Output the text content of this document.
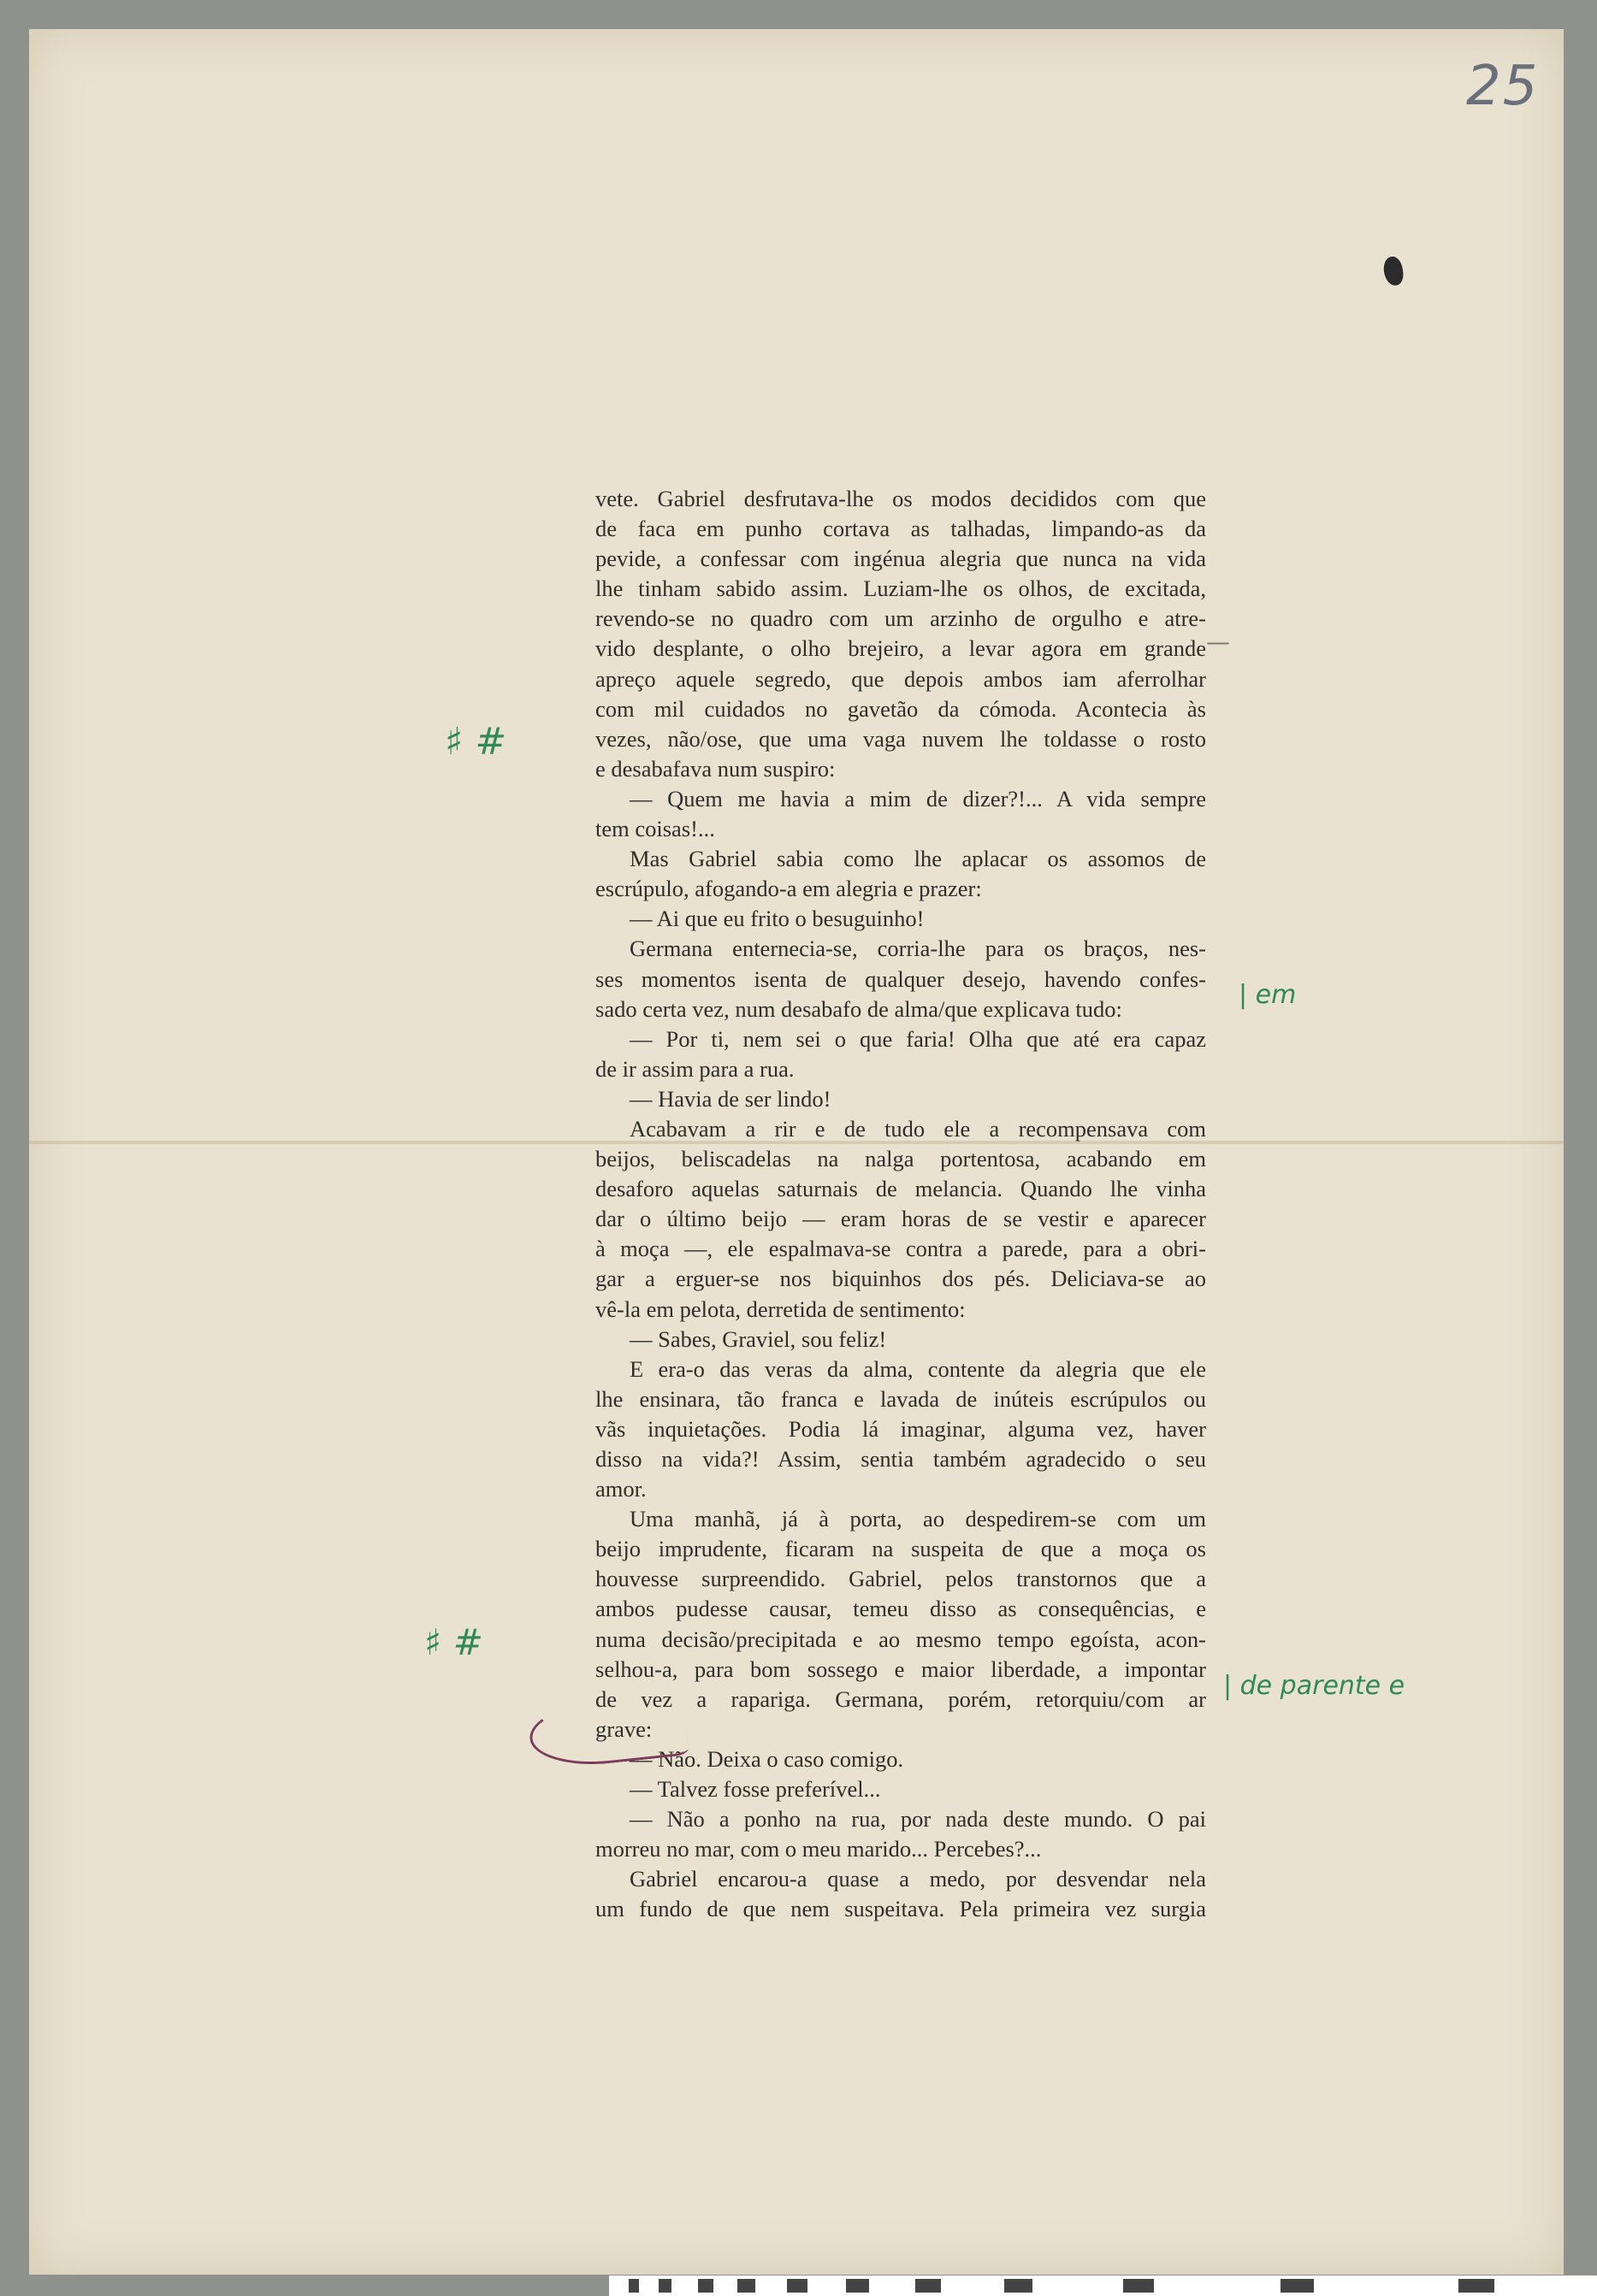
25
vete. Gabriel desfrutava-lhe os modos decididos com que
de faca em punho cortava as talhadas, limpando-as da
pevide, a confessar com ingénua alegria que nunca na vida
lhe tinham sabido assim. Luziam-lhe os olhos, de excitada,
revendo-se no quadro com um arzinho de orgulho e atre-
vido desplante, o olho brejeiro, a levar agora em grande
apreço aquele segredo, que depois ambos iam aferrolhar
com mil cuidados no gavetão da cómoda. Acontecia às
vezes, não/ose, que uma vaga nuvem lhe toldasse o rosto
e desabafava num suspiro:
— Quem me havia a mim de dizer?!... A vida sempre
tem coisas!...
Mas Gabriel sabia como lhe aplacar os assomos de
escrúpulo, afogando-a em alegria e prazer:
— Ai que eu frito o besuguinho!
Germana enternecia-se, corria-lhe para os braços, nes-
ses momentos isenta de qualquer desejo, havendo confes-
sado certa vez, num desabafo de alma/que explicava tudo:
— Por ti, nem sei o que faria! Olha que até era capaz
de ir assim para a rua.
— Havia de ser lindo!
Acabavam a rir e de tudo ele a recompensava com
beijos, beliscadelas na nalga portentosa, acabando em
desaforo aquelas saturnais de melancia. Quando lhe vinha
dar o último beijo — eram horas de se vestir e aparecer
à moça —, ele espalmava-se contra a parede, para a obri-
gar a erguer-se nos biquinhos dos pés. Deliciava-se ao
vê-la em pelota, derretida de sentimento:
— Sabes, Graviel, sou feliz!
E era-o das veras da alma, contente da alegria que ele
lhe ensinara, tão franca e lavada de inúteis escrúpulos ou
vãs inquietações. Podia lá imaginar, alguma vez, haver
disso na vida?! Assim, sentia também agradecido o seu
amor.
Uma manhã, já à porta, ao despedirem-se com um
beijo imprudente, ficaram na suspeita de que a moça os
houvesse surpreendido. Gabriel, pelos transtornos que a
ambos pudesse causar, temeu disso as consequências, e
numa decisão/precipitada e ao mesmo tempo egoísta, acon-
selhou-a, para bom sossego e maior liberdade, a impontar
de vez a rapariga. Germana, porém, retorquiu/com ar
grave:
— Não. Deixa o caso comigo.
— Talvez fosse preferível...
— Não a ponho na rua, por nada deste mundo. O pai
morreu no mar, com o meu marido... Percebes?...
Gabriel encarou-a quase a medo, por desvendar nela
um fundo de que nem suspeitava. Pela primeira vez surgia
♯ #
♯ #
| em
| de parente e
—
